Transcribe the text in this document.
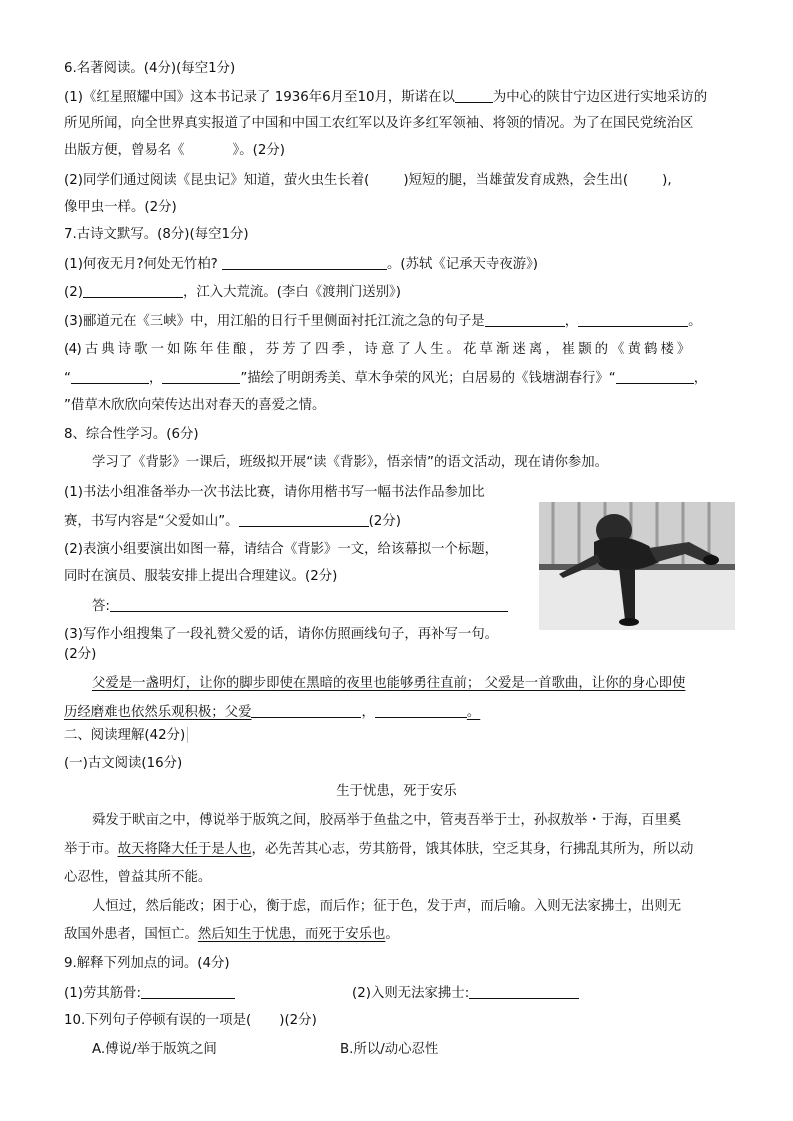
6.名著阅读。(4分)(每空1分)
(1)《红星照耀中国》这本书记录了 1936年6月至10月，斯诺在以	为中心的陕甘宁边区进行实地采访的
所见所闻，向全世界真实报道了中国和中国工农红军以及许多红军领袖、将领的情况。为了在国民党统治区
出版方便，曾易名《	》。(2分)
(2)同学们通过阅读《昆虫记》知道，萤火虫生长着(	)短短的腿，当雄萤发育成熟，会生出(	),
像甲虫一样。(2分)
7.古诗文默写。(8分)(每空1分)
(1)何夜无月?何处无竹柏?	。(苏轼《记承天寺夜游》)
(2)	，江入大荒流。(李白《渡荆门送别》)
(3)郦道元在《三峡》中，用江船的日行千里侧面衬托江流之急的句子是	，	。
(4) 古 典 诗 歌 一 如 陈 年 佳 酿 ， 芬 芳 了 四 季 ， 诗 意 了 人 生 。 花 草 渐 迷 离 ， 崔 颢 的 《 黄 鹤 楼 》
“	，	”描绘了明朗秀美、草木争荣的风光；白居易的《钱塘湖春行》“	，
”借草木欣欣向荣传达出对春天的喜爱之情。
8、综合性学习。(6分)
学习了《背影》一课后，班级拟开展“读《背影》，悟亲情”的语文活动，现在请你参加。
(1)书法小组准备举办一次书法比赛，请你用楷书写一幅书法作品参加比
赛，书写内容是“父爱如山”。	(2分)
(2)表演小组要演出如图一幕，请结合《背影》一文，给该幕拟一个标题，
同时在演员、服装安排上提出合理建议。(2分)
答:
(3)写作小组搜集了一段礼赞父爱的话，请你仿照画线句子，再补写一句。
(2分)
父爱是一盏明灯，让你的脚步即使在黑暗的夜里也能够勇往直前； 父爱是一首歌曲，让你的身心即使
历经磨难也依然乐观积极；父爱	，	。
二、阅读理解(42分)
(一)古文阅读(16分)
生于忧患，死于安乐
舜发于畎亩之中，傅说举于版筑之间，胶鬲举于鱼盐之中，管夷吾举于士，孙叔敖举・于海，百里奚
举于市。故天将降大任于是人也，必先苦其心志，劳其筋骨，饿其体肤，空乏其身，行拂乱其所为，所以动
心忍性，曾益其所不能。
人恒过，然后能改；困于心，衡于虑，而后作；征于色，发于声，而后喻。入则无法家拂士，出则无
敌国外患者，国恒亡。然后知生于忧患，而死于安乐也。
9.解释下列加点的词。(4分)
(1)劳其筋骨:	(2)入则无法家拂士:
10.下列句子停顿有误的一项是( )(2分)
A.傅说/举于版筑之间	B.所以/动心忍性
